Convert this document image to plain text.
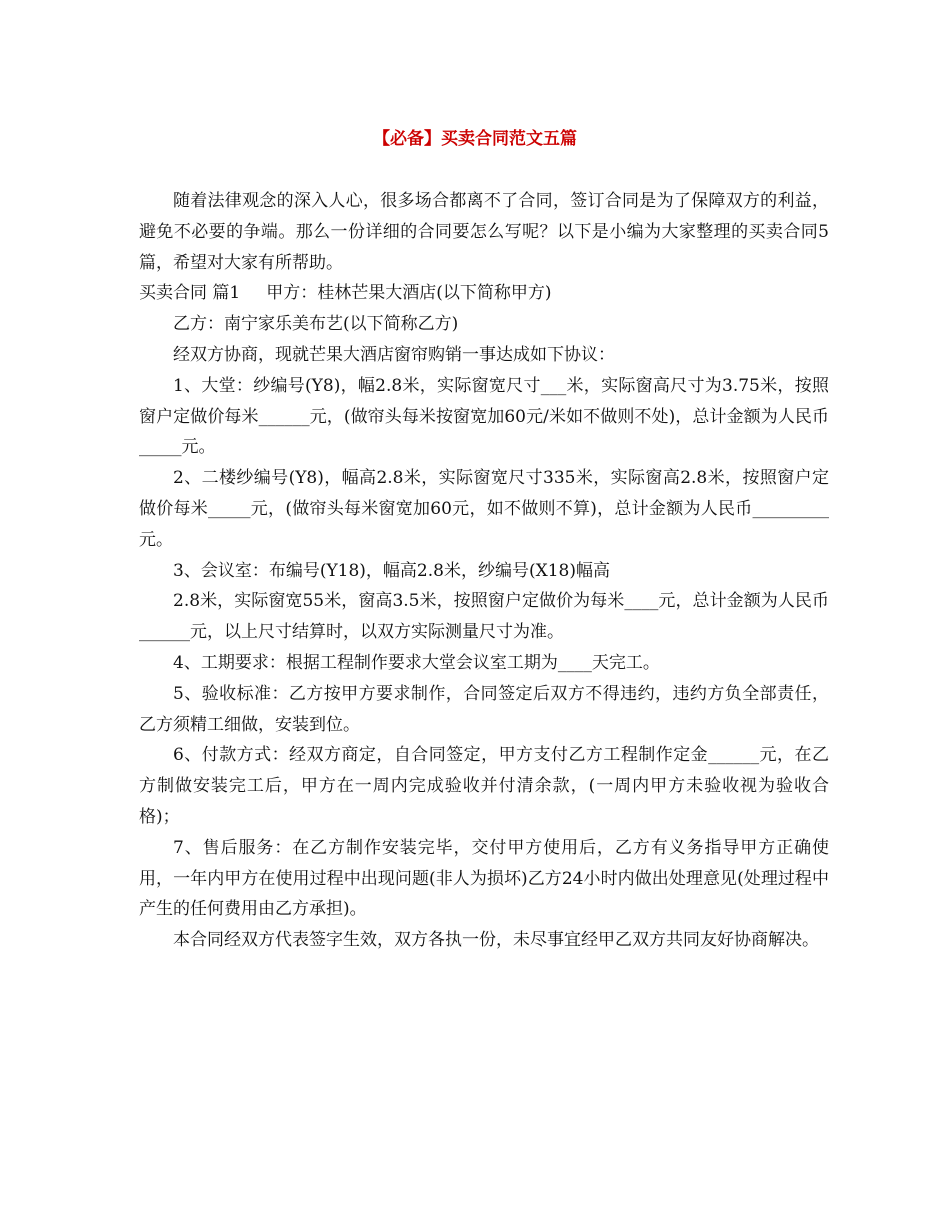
【必备】买卖合同范文五篇

随着法律观念的深入人心，很多场合都离不了合同，签订合同是为了保障双方的利益，避免不必要的争端。那么一份详细的合同要怎么写呢？以下是小编为大家整理的买卖合同5篇，希望对大家有所帮助。

买卖合同 篇1 甲方：桂林芒果大酒店(以下简称甲方)

乙方：南宁家乐美布艺(以下简称乙方)

经双方协商，现就芒果大酒店窗帘购销一事达成如下协议：

1、大堂：纱编号(Y8)，幅2.8米，实际窗宽尺寸___米，实际窗高尺寸为3.75米，按照窗户定做价每米______元，(做帘头每米按窗宽加60元/米如不做则不处)，总计金额为人民币_____元。

2、二楼纱编号(Y8)，幅高2.8米，实际窗宽尺寸335米，实际窗高2.8米，按照窗户定做价每米_____元，(做帘头每米窗宽加60元，如不做则不算)，总计金额为人民币_________元。

3、会议室：布编号(Y18)，幅高2.8米，纱编号(X18)幅高

2.8米，实际窗宽55米，窗高3.5米，按照窗户定做价为每米____元，总计金额为人民币______元，以上尺寸结算时，以双方实际测量尺寸为准。

4、工期要求：根据工程制作要求大堂会议室工期为____天完工。

5、验收标准：乙方按甲方要求制作，合同签定后双方不得违约，违约方负全部责任，乙方须精工细做，安装到位。

6、付款方式：经双方商定，自合同签定，甲方支付乙方工程制作定金______元，在乙方制做安装完工后，甲方在一周内完成验收并付清余款，(一周内甲方未验收视为验收合格)；

7、售后服务：在乙方制作安装完毕，交付甲方使用后，乙方有义务指导甲方正确使用，一年内甲方在使用过程中出现问题(非人为损坏)乙方24小时内做出处理意见(处理过程中产生的任何费用由乙方承担)。

本合同经双方代表签字生效，双方各执一份，未尽事宜经甲乙双方共同友好协商解决。
